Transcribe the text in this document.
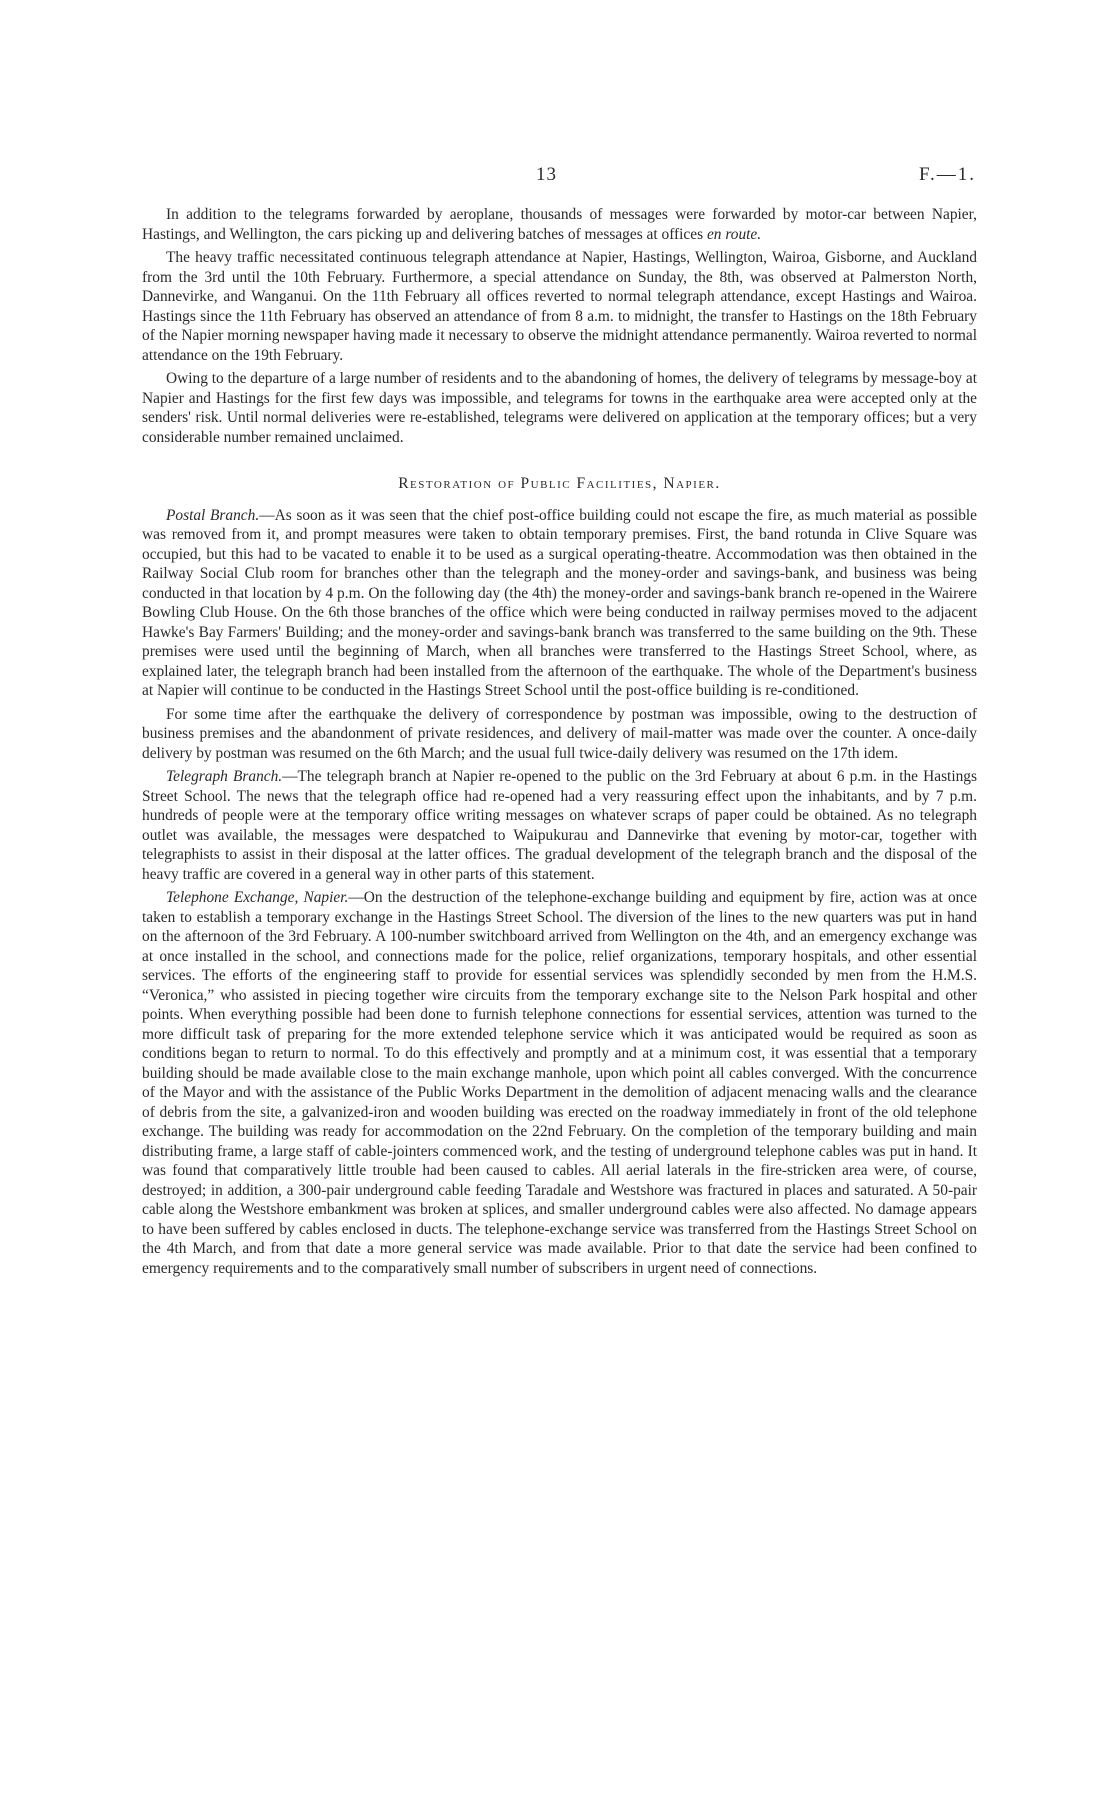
13	F.—1.

In addition to the telegrams forwarded by aeroplane, thousands of messages were forwarded by motor-car between Napier, Hastings, and Wellington, the cars picking up and delivering batches of messages at offices en route.

The heavy traffic necessitated continuous telegraph attendance at Napier, Hastings, Wellington, Wairoa, Gisborne, and Auckland from the 3rd until the 10th February. Furthermore, a special attendance on Sunday, the 8th, was observed at Palmerston North, Dannevirke, and Wanganui. On the 11th February all offices reverted to normal telegraph attendance, except Hastings and Wairoa. Hastings since the 11th February has observed an attendance of from 8 a.m. to midnight, the transfer to Hastings on the 18th February of the Napier morning newspaper having made it necessary to observe the midnight attendance permanently. Wairoa reverted to normal attendance on the 19th February.

Owing to the departure of a large number of residents and to the abandoning of homes, the delivery of telegrams by message-boy at Napier and Hastings for the first few days was impossible, and telegrams for towns in the earthquake area were accepted only at the senders' risk. Until normal deliveries were re-established, telegrams were delivered on application at the temporary offices; but a very considerable number remained unclaimed.

Restoration of Public Facilities, Napier.

Postal Branch.—As soon as it was seen that the chief post-office building could not escape the fire, as much material as possible was removed from it, and prompt measures were taken to obtain temporary premises. First, the band rotunda in Clive Square was occupied, but this had to be vacated to enable it to be used as a surgical operating-theatre. Accommodation was then obtained in the Railway Social Club room for branches other than the telegraph and the money-order and savings-bank, and business was being conducted in that location by 4 p.m. On the following day (the 4th) the money-order and savings-bank branch re-opened in the Wairere Bowling Club House. On the 6th those branches of the office which were being conducted in railway permises moved to the adjacent Hawke's Bay Farmers' Building; and the money-order and savings-bank branch was transferred to the same building on the 9th. These premises were used until the beginning of March, when all branches were transferred to the Hastings Street School, where, as explained later, the telegraph branch had been installed from the afternoon of the earthquake. The whole of the Department's business at Napier will continue to be conducted in the Hastings Street School until the post-office building is re-conditioned.

For some time after the earthquake the delivery of correspondence by postman was impossible, owing to the destruction of business premises and the abandonment of private residences, and delivery of mail-matter was made over the counter. A once-daily delivery by postman was resumed on the 6th March; and the usual full twice-daily delivery was resumed on the 17th idem.

Telegraph Branch.—The telegraph branch at Napier re-opened to the public on the 3rd February at about 6 p.m. in the Hastings Street School. The news that the telegraph office had re-opened had a very reassuring effect upon the inhabitants, and by 7 p.m. hundreds of people were at the temporary office writing messages on whatever scraps of paper could be obtained. As no telegraph outlet was available, the messages were despatched to Waipukurau and Dannevirke that evening by motor-car, together with telegraphists to assist in their disposal at the latter offices. The gradual development of the telegraph branch and the disposal of the heavy traffic are covered in a general way in other parts of this statement.

Telephone Exchange, Napier.—On the destruction of the telephone-exchange building and equipment by fire, action was at once taken to establish a temporary exchange in the Hastings Street School. The diversion of the lines to the new quarters was put in hand on the afternoon of the 3rd February. A 100-number switchboard arrived from Wellington on the 4th, and an emergency exchange was at once installed in the school, and connections made for the police, relief organizations, temporary hospitals, and other essential services. The efforts of the engineering staff to provide for essential services was splendidly seconded by men from the H.M.S. “Veronica,” who assisted in piecing together wire circuits from the temporary exchange site to the Nelson Park hospital and other points. When everything possible had been done to furnish telephone connections for essential services, attention was turned to the more difficult task of preparing for the more extended telephone service which it was anticipated would be required as soon as conditions began to return to normal. To do this effectively and promptly and at a minimum cost, it was essential that a temporary building should be made available close to the main exchange manhole, upon which point all cables converged. With the concurrence of the Mayor and with the assistance of the Public Works Department in the demolition of adjacent menacing walls and the clearance of debris from the site, a galvanized-iron and wooden building was erected on the roadway immediately in front of the old telephone exchange. The building was ready for accommodation on the 22nd February. On the completion of the temporary building and main distributing frame, a large staff of cable-jointers commenced work, and the testing of underground telephone cables was put in hand. It was found that comparatively little trouble had been caused to cables. All aerial laterals in the fire-stricken area were, of course, destroyed; in addition, a 300-pair underground cable feeding Taradale and Westshore was fractured in places and saturated. A 50-pair cable along the Westshore embankment was broken at splices, and smaller underground cables were also affected. No damage appears to have been suffered by cables enclosed in ducts. The telephone-exchange service was transferred from the Hastings Street School on the 4th March, and from that date a more general service was made available. Prior to that date the service had been confined to emergency requirements and to the comparatively small number of subscribers in urgent need of connections.
